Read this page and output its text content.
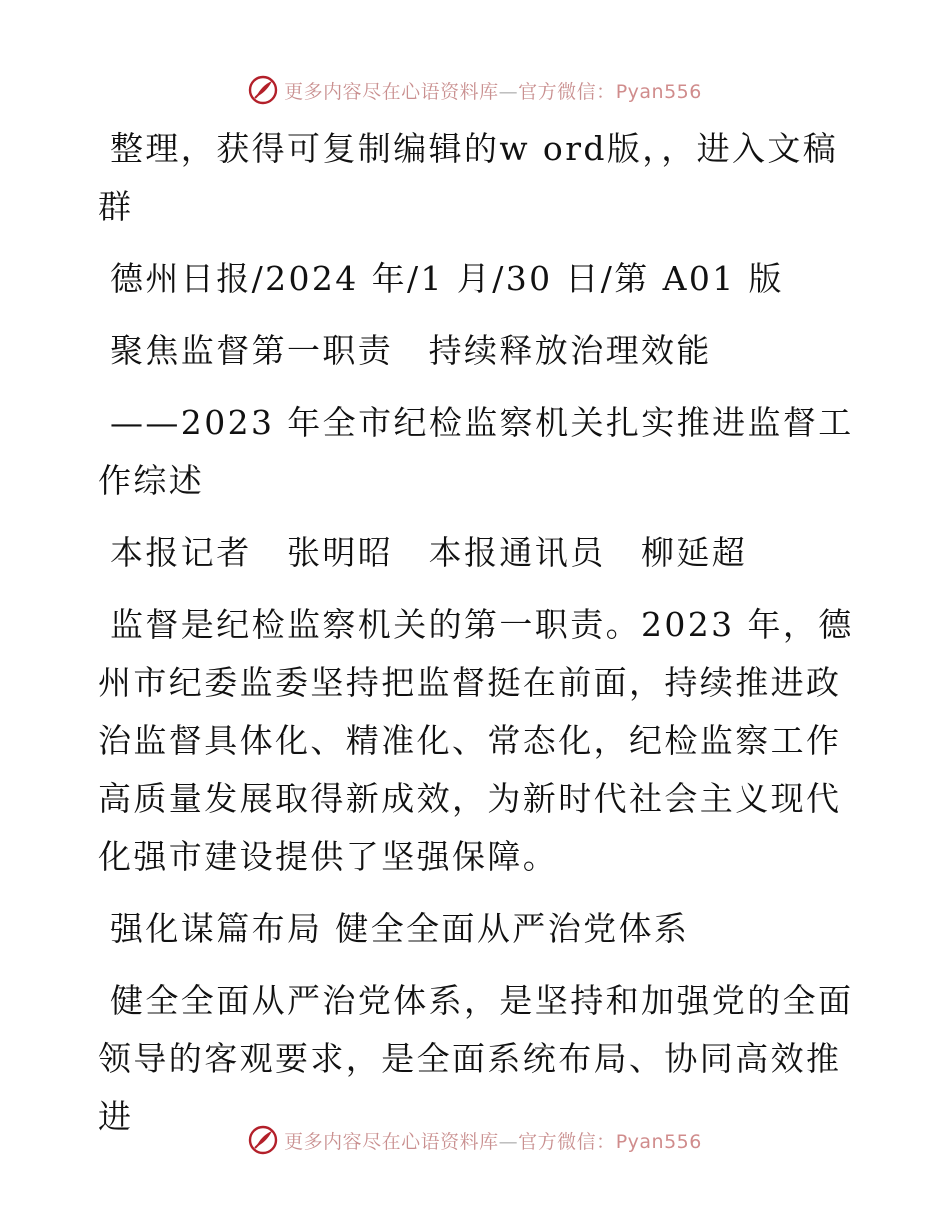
更多内容尽在心语资料库—官方微信：Pyan556

整理，获得可复制编辑的w ord版，，进入文稿群

德州日报/2024 年/1 月/30 日/第 A01 版

聚焦监督第一职责　持续释放治理效能

——2023 年全市纪检监察机关扎实推进监督工作综述

本报记者　张明昭　本报通讯员　柳延超

监督是纪检监察机关的第一职责。2023 年，德州市纪委监委坚持把监督挺在前面，持续推进政治监督具体化、精准化、常态化，纪检监察工作高质量发展取得新成效，为新时代社会主义现代化强市建设提供了坚强保障。

强化谋篇布局 健全全面从严治党体系

健全全面从严治党体系，是坚持和加强党的全面领导的客观要求，是全面系统布局、协同高效推进

更多内容尽在心语资料库—官方微信：Pyan556
